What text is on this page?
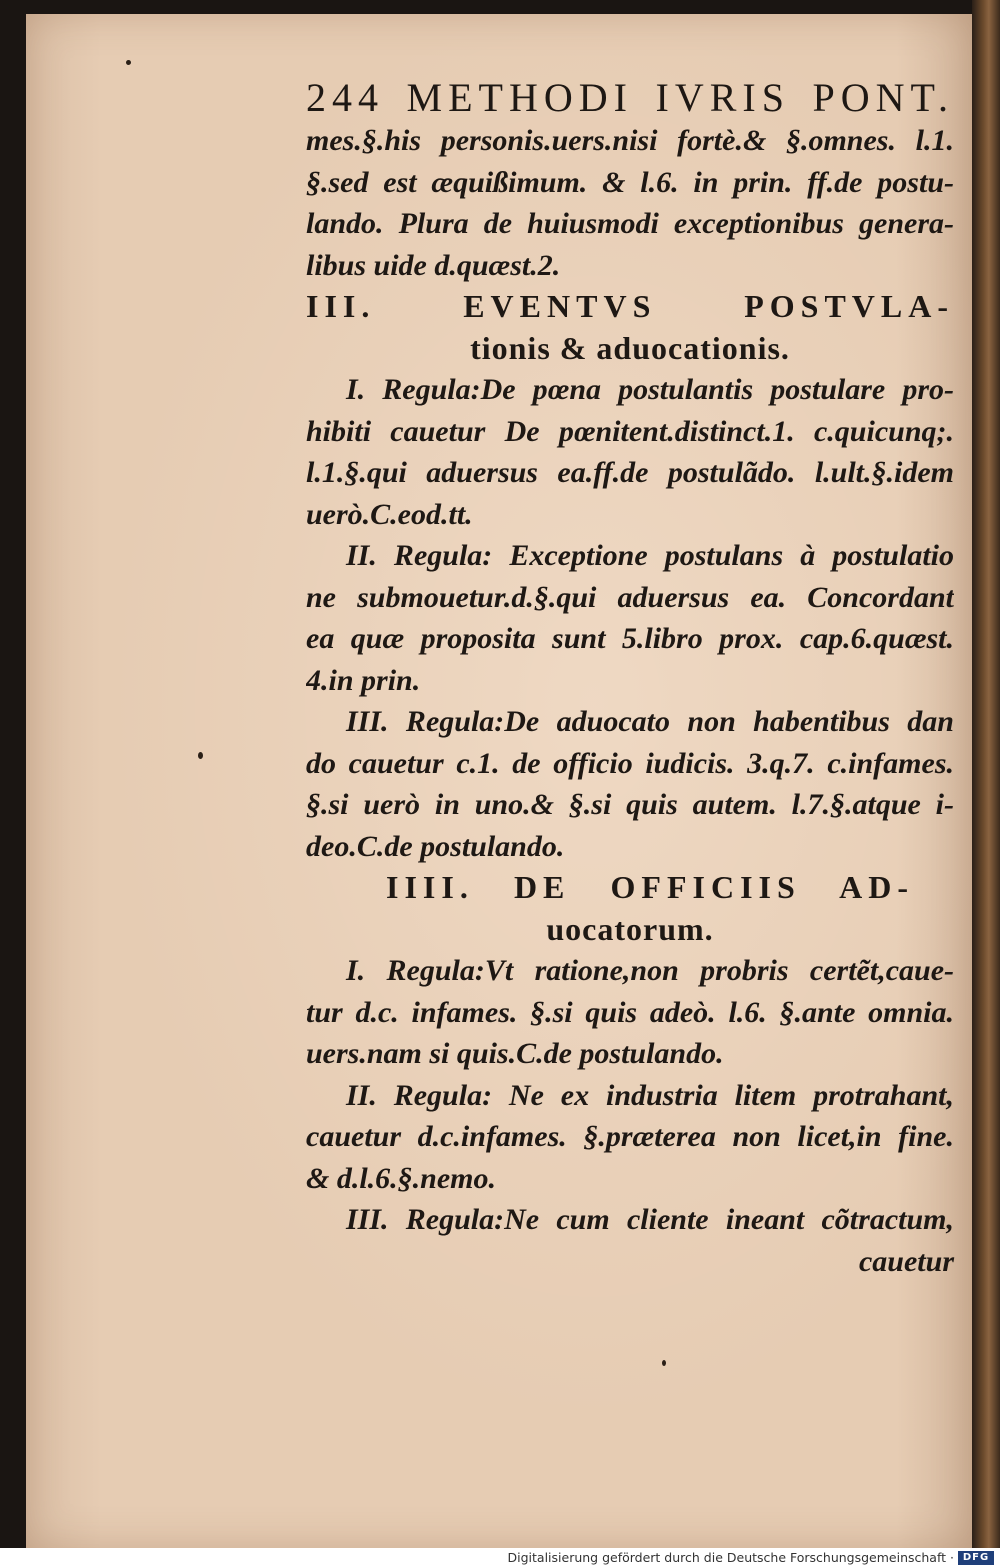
244 METHODI IVRIS PONT.
mes.§.his personis.uers.nisi fortè.& §.omnes. l.1.
§.sed est æquißimum. & l.6. in prin. ff.de postu-
lando. Plura de huiusmodi exceptionibus genera-
libus uide d.quæst.2.
III. EVENTVS POSTVLA-
tionis & aduocationis.
I. Regula:De pœna postulantis postulare pro-
hibiti cauetur De pœnitent.distinct.1. c.quicunq;.
l.1.§.qui aduersus ea.ff.de postulãdo. l.ult.§.idem
uerò.C.eod.tt.
II. Regula: Exceptione postulans à postulatio
ne submouetur.d.§.qui aduersus ea. Concordant
ea quæ proposita sunt 5.libro prox. cap.6.quæst.
4.in prin.
III. Regula:De aduocato non habentibus dan
do cauetur c.1. de officio iudicis. 3.q.7. c.infames.
§.si uerò in uno.& §.si quis autem. l.7.§.atque i-
deo.C.de postulando.
IIII. DE OFFICIIS AD-
uocatorum.
I. Regula:Vt ratione,non probris certẽt,caue-
tur d.c. infames. §.si quis adeò. l.6. §.ante omnia.
uers.nam si quis.C.de postulando.
II. Regula: Ne ex industria litem protrahant,
cauetur d.c.infames. §.præterea non licet,in fine.
& d.l.6.§.nemo.
III. Regula:Ne cum cliente ineant cõtractum,
cauetur
Digitalisierung gefördert durch die Deutsche Forschungsgemeinschaft · DFG
